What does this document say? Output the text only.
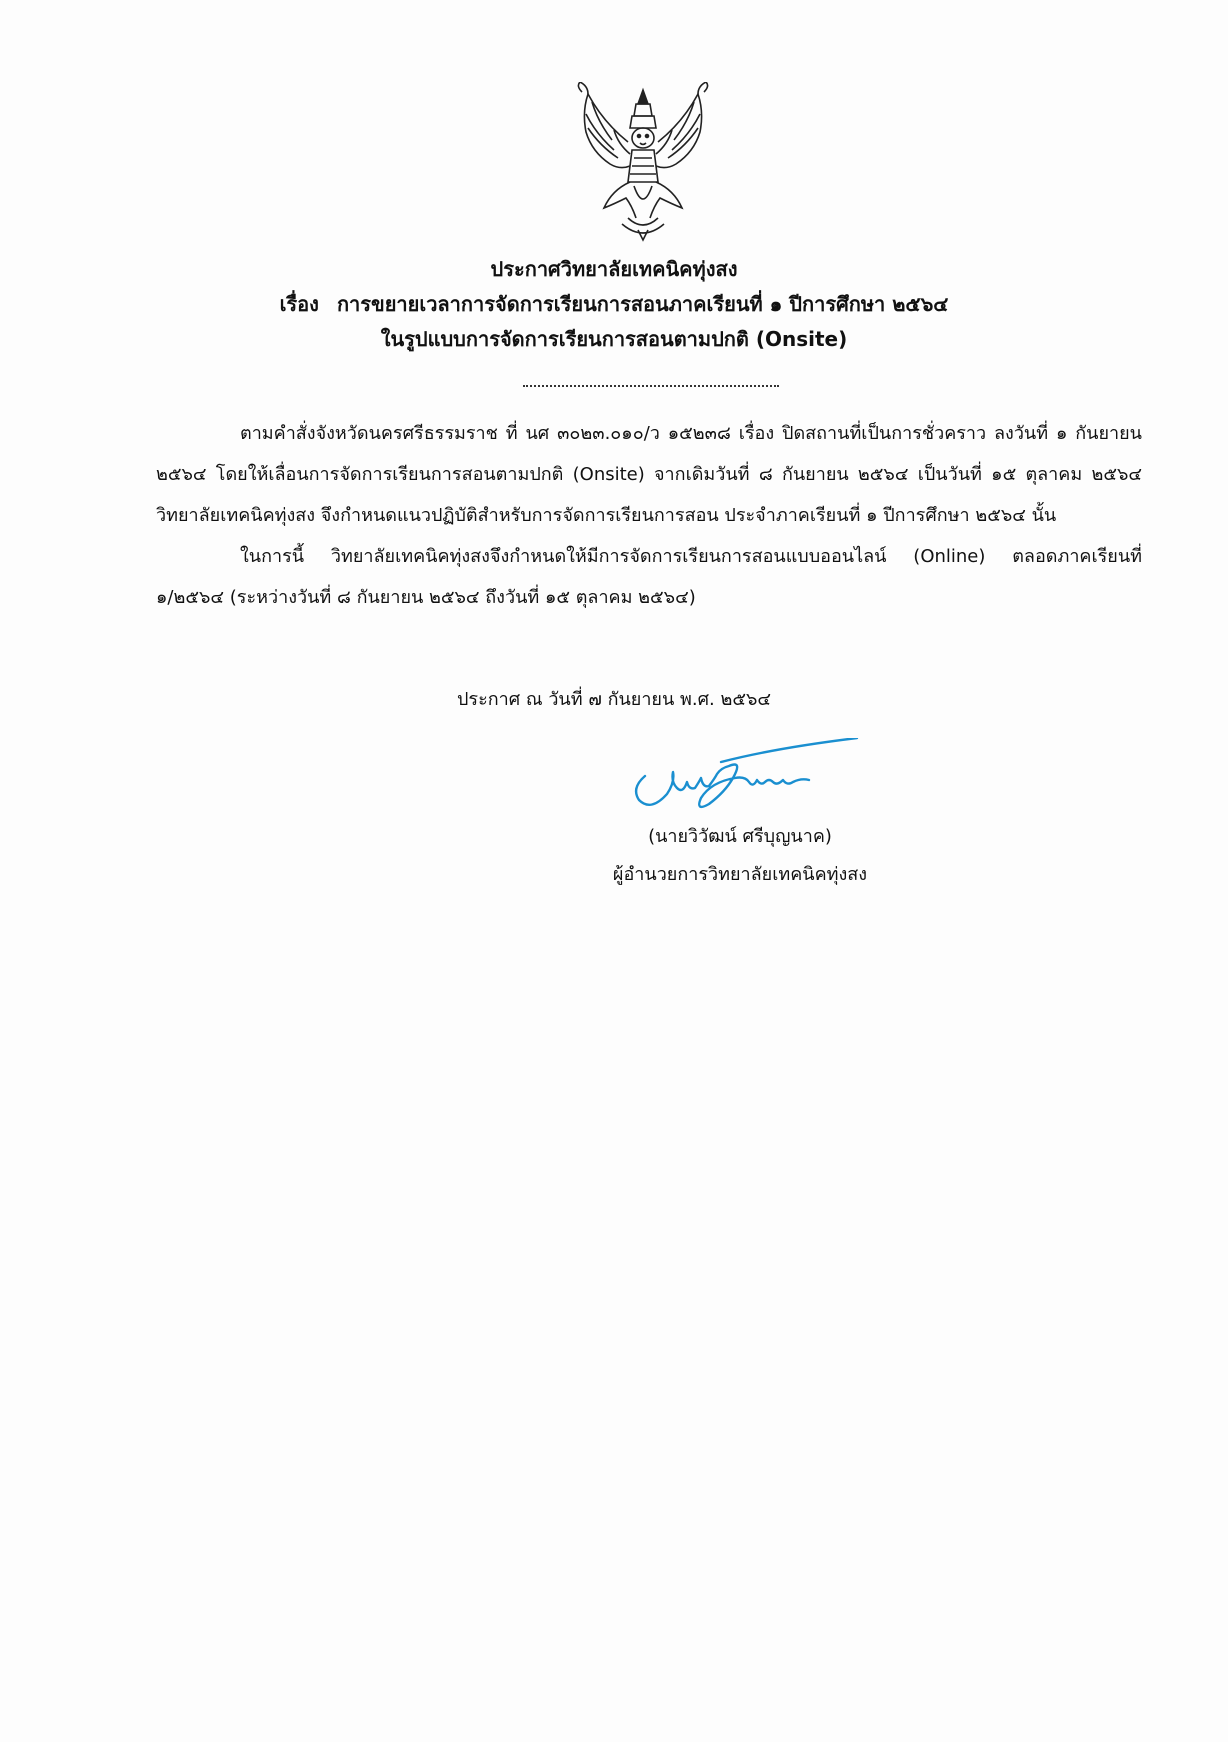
ประกาศวิทยาลัยเทคนิคทุ่งสง
เรื่อง การขยายเวลาการจัดการเรียนการสอนภาคเรียนที่ ๑ ปีการศึกษา ๒๕๖๔
ในรูปแบบการจัดการเรียนการสอนตามปกติ (Onsite)

ตามคำสั่งจังหวัดนครศรีธรรมราช ที่ นศ ๓๐๒๓.๐๑๐/ว ๑๕๒๓๘ เรื่อง ปิดสถานที่เป็นการชั่วคราว ลงวันที่ ๑ กันยายน ๒๕๖๔ โดยให้เลื่อนการจัดการเรียนการสอนตามปกติ (Onsite) จากเดิมวันที่ ๘ กันยายน ๒๕๖๔ เป็นวันที่ ๑๕ ตุลาคม ๒๕๖๔ วิทยาลัยเทคนิคทุ่งสง จึงกำหนดแนวปฏิบัติสำหรับการจัดการเรียนการสอน ประจำภาคเรียนที่ ๑ ปีการศึกษา ๒๕๖๔ นั้น

ในการนี้ วิทยาลัยเทคนิคทุ่งสงจึงกำหนดให้มีการจัดการเรียนการสอนแบบออนไลน์ (Online) ตลอดภาคเรียนที่ ๑/๒๕๖๔ (ระหว่างวันที่ ๘ กันยายน ๒๕๖๔ ถึงวันที่ ๑๕ ตุลาคม ๒๕๖๔)

ประกาศ ณ วันที่ ๗ กันยายน พ.ศ. ๒๕๖๔
(นายวิวัฒน์ ศรีบุญนาค)
ผู้อำนวยการวิทยาลัยเทคนิคทุ่งสง
